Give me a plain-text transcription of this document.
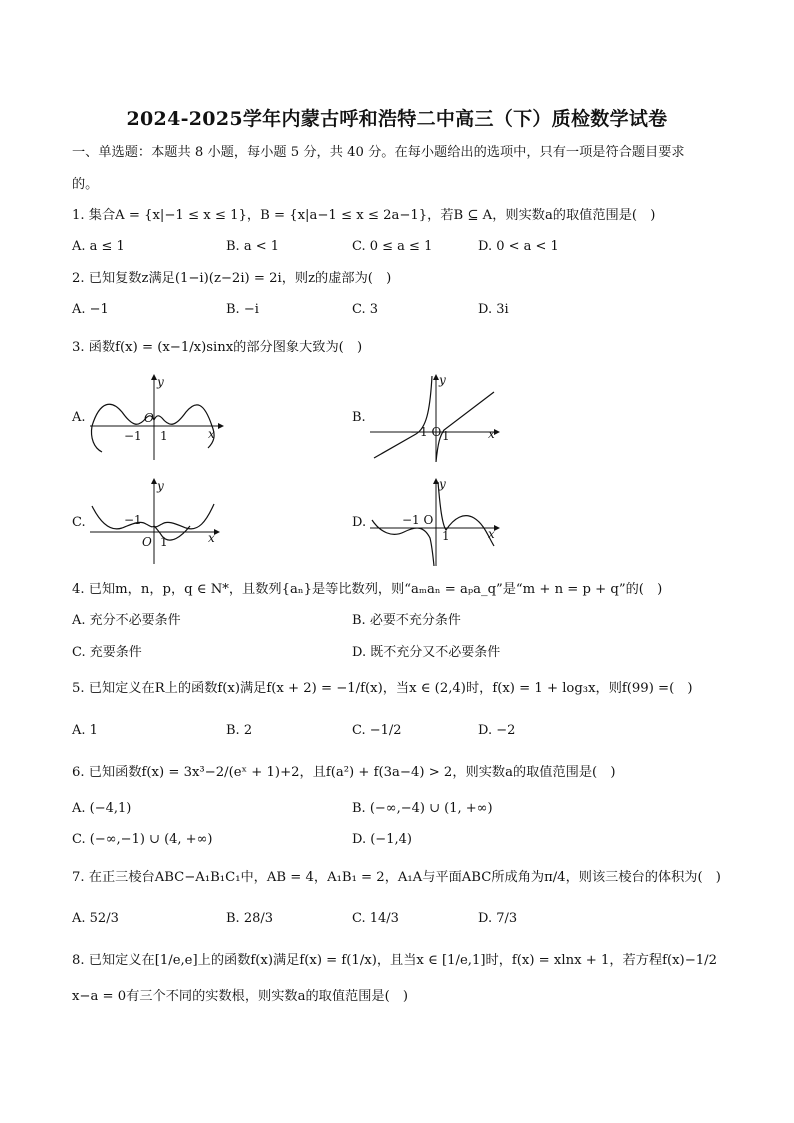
2024-2025学年内蒙古呼和浩特二中高三（下）质检数学试卷
一、单选题：本题共 8 小题，每小题 5 分，共 40 分。在每小题给出的选项中，只有一项是符合题目要求
的。
1. 集合A = {x|−1 ≤ x ≤ 1}，B = {x|a−1 ≤ x ≤ 2a−1}，若B ⊆ A，则实数a的取值范围是(　)
A. a ≤ 1	B. a < 1	C. 0 ≤ a ≤ 1	D. 0 < a < 1
2. 已知复数z满足(1−i)(z−2i) = 2i，则z的虚部为(　)
A. −1	B. −i	C. 3	D. 3i
3. 函数f(x) = (x−1/x)sinx的部分图象大致为(　)
A.	B.
C.	D.
y
x
O
−1 1
y
x
−1 O 1
y
x
O
−1
1
y
x
−1 O
1
4. 已知m，n，p，q ∈ N*，且数列{aₙ}是等比数列，则“aₘaₙ = aₚa_q”是“m + n = p + q”的(　)
A. 充分不必要条件	B. 必要不充分条件
C. 充要条件	D. 既不充分又不必要条件
5. 已知定义在R上的函数f(x)满足f(x + 2) = −1/f(x)，当x ∈ (2,4)时，f(x) = 1 + log₃x，则f(99) =(　)
A. 1	B. 2	C. −1/2	D. −2
6. 已知函数f(x) = 3x³−2/(eˣ + 1)+2，且f(a²) + f(3a−4) > 2，则实数a的取值范围是(　)
A. (−4,1)	B. (−∞,−4) ∪ (1, +∞)
C. (−∞,−1) ∪ (4, +∞)	D. (−1,4)
7. 在正三棱台ABC−A₁B₁C₁中，AB = 4，A₁B₁ = 2，A₁A与平面ABC所成角为π/4，则该三棱台的体积为(　)
A. 52/3	B. 28/3	C. 14/3	D. 7/3
8. 已知定义在[1/e,e]上的函数f(x)满足f(x) = f(1/x)，且当x ∈ [1/e,1]时，f(x) = xlnx + 1，若方程f(x)−1/2
x−a = 0有三个不同的实数根，则实数a的取值范围是(　)
